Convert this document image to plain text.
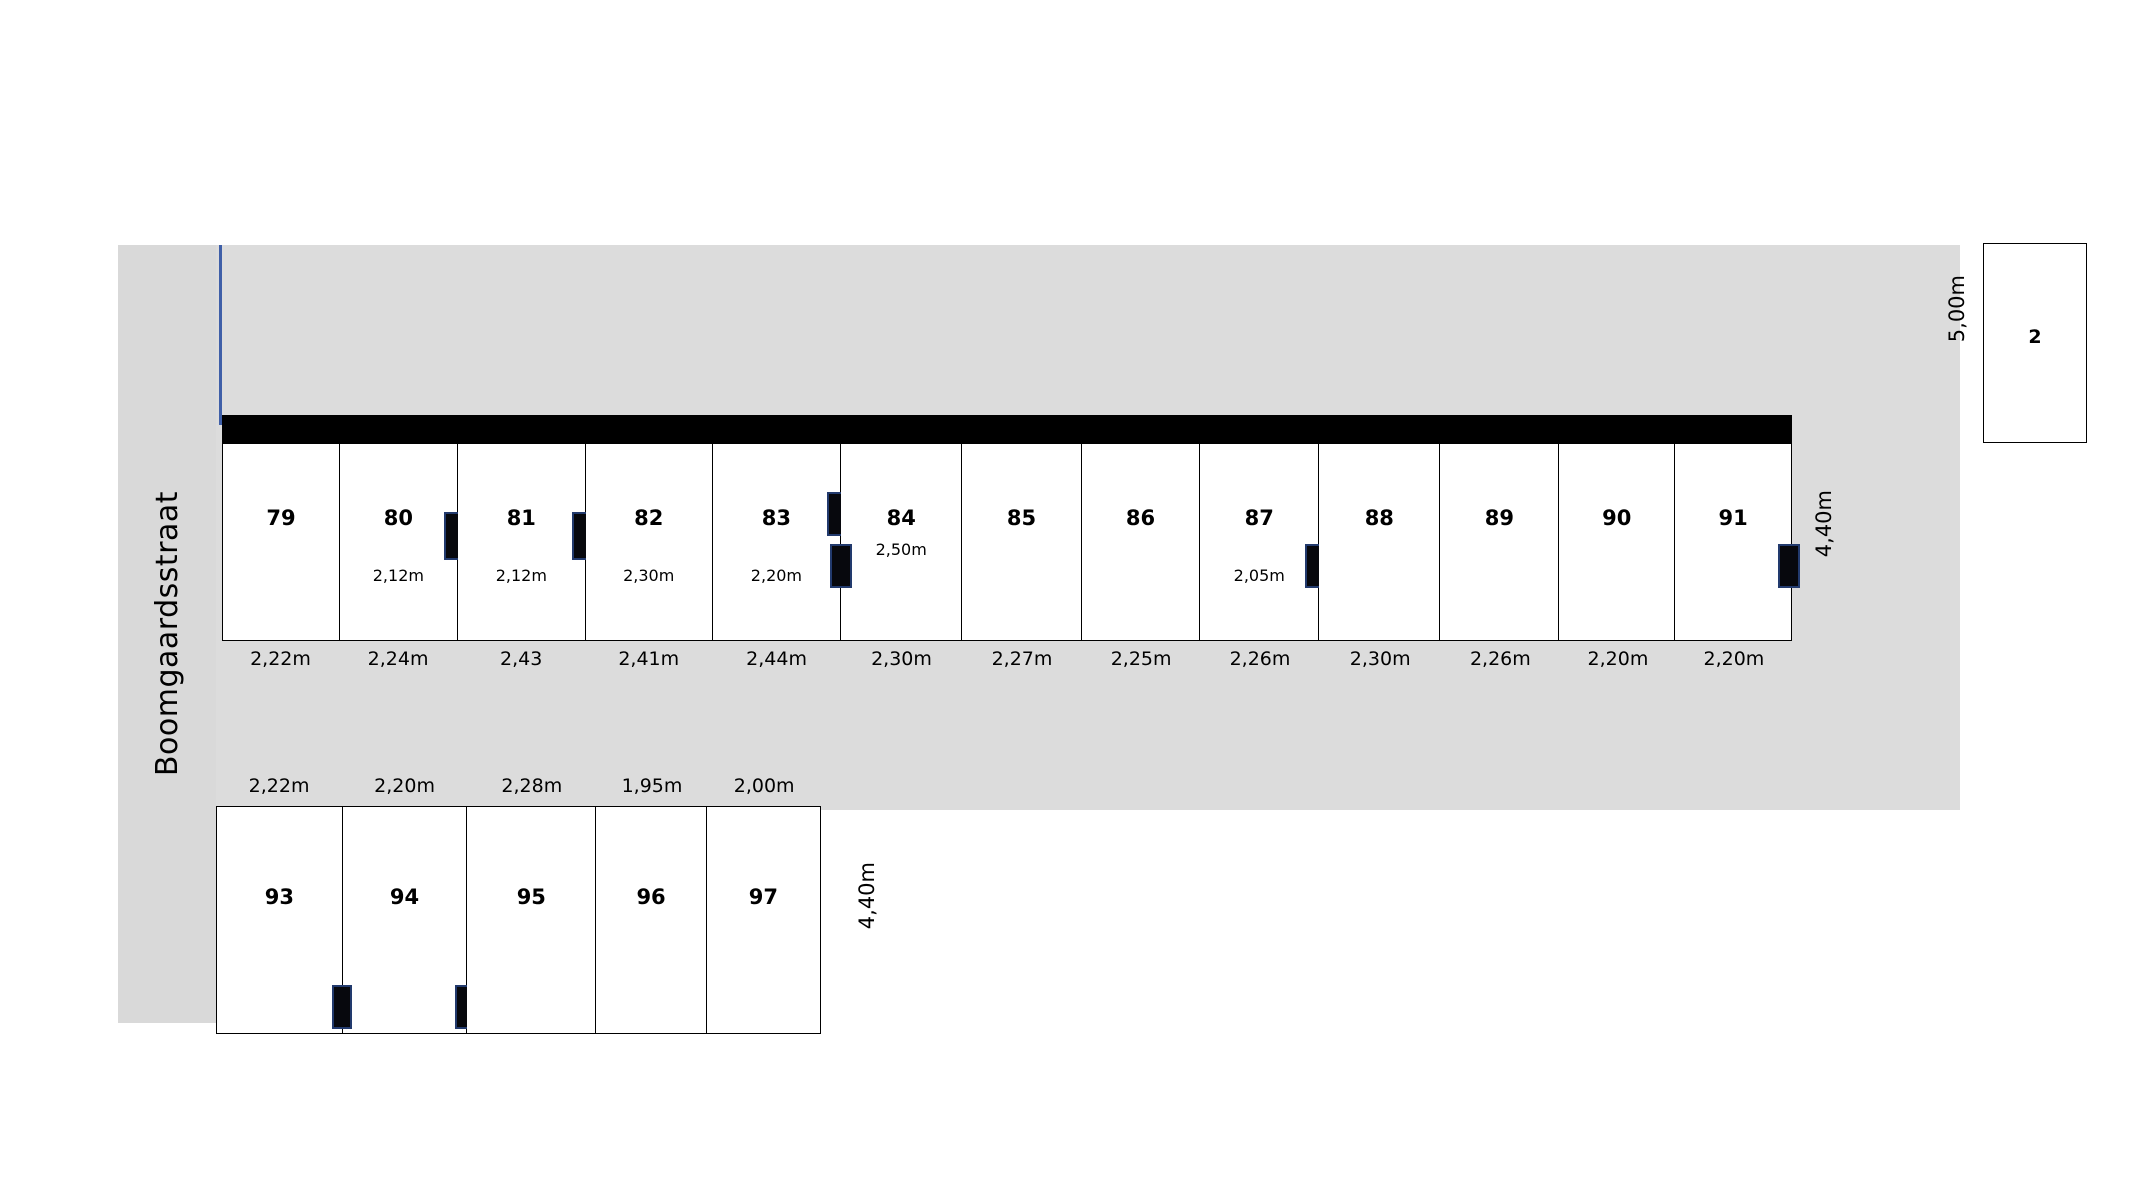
Boomgaardsstraat
2
5,00m
79	80
2,12m
81
2,12m
82
2,30m
83
2,20m
84
2,50m
85	86	87
2,05m
88	89	90	91
2,22m	2,24m	2,43	2,41m	2,44m	2,30m	2,27m	2,25m	2,26m	2,30m	2,26m	2,20m	2,20m
4,40m
2,22m	2,20m	2,28m	1,95m	2,00m
93	94	95	96	97	4,40m
